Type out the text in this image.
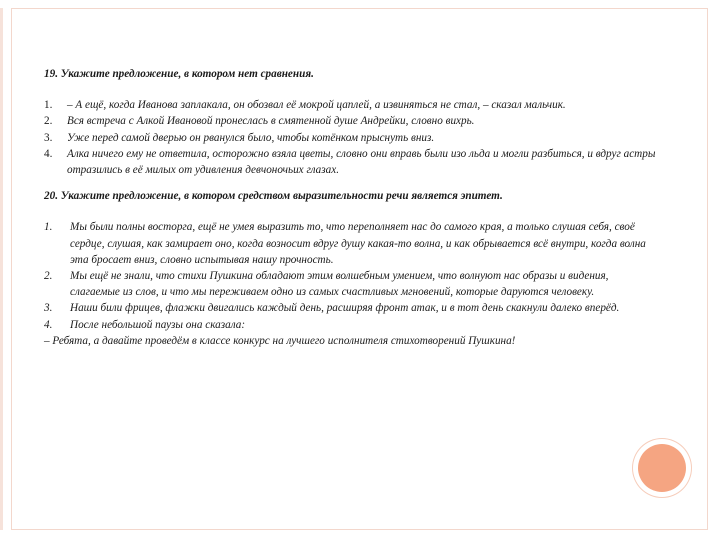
19. Укажите предложение, в котором нет сравнения.

1. – А ещё, когда Иванова заплакала, он обозвал её мокрой цаплей, а извиняться не стал, – сказал мальчик.
2. Вся встреча с Алкой Ивановой пронеслась в смятенной душе Андрейки, словно вихрь.
3. Уже перед самой дверью он рванулся было, чтобы котёнком прыснуть вниз.
4. Алка ничего ему не ответила, осторожно взяла цветы, словно они вправь были изо льда и могли разбиться, и вдруг астры отразились в её милых от удивления девчоночьих глазах.

20. Укажите предложение, в котором средством выразительности речи является эпитет.

1. Мы были полны восторга, ещё не умея выразить то, что переполняет нас до самого края, а только слушая себя, своё сердце, слушая, как замирает оно, когда возносит вдруг душу какая-то волна, и как обрывается всё внутри, когда волна эта бросает вниз, словно испытывая нашу прочность.
2. Мы ещё не знали, что стихи Пушкина обладают этим волшебным умением, что волнуют нас образы и видения, слагаемые из слов, и что мы переживаем одно из самых счастливых мгновений, которые даруются человеку.
3. Наши били фрицев, флажки двигались каждый день, расширяя фронт атак, и в тот день скакнули далеко вперёд.
4. После небольшой паузы она сказала:

– Ребята, а давайте проведём в классе конкурс на лучшего исполнителя стихотворений Пушкина!
